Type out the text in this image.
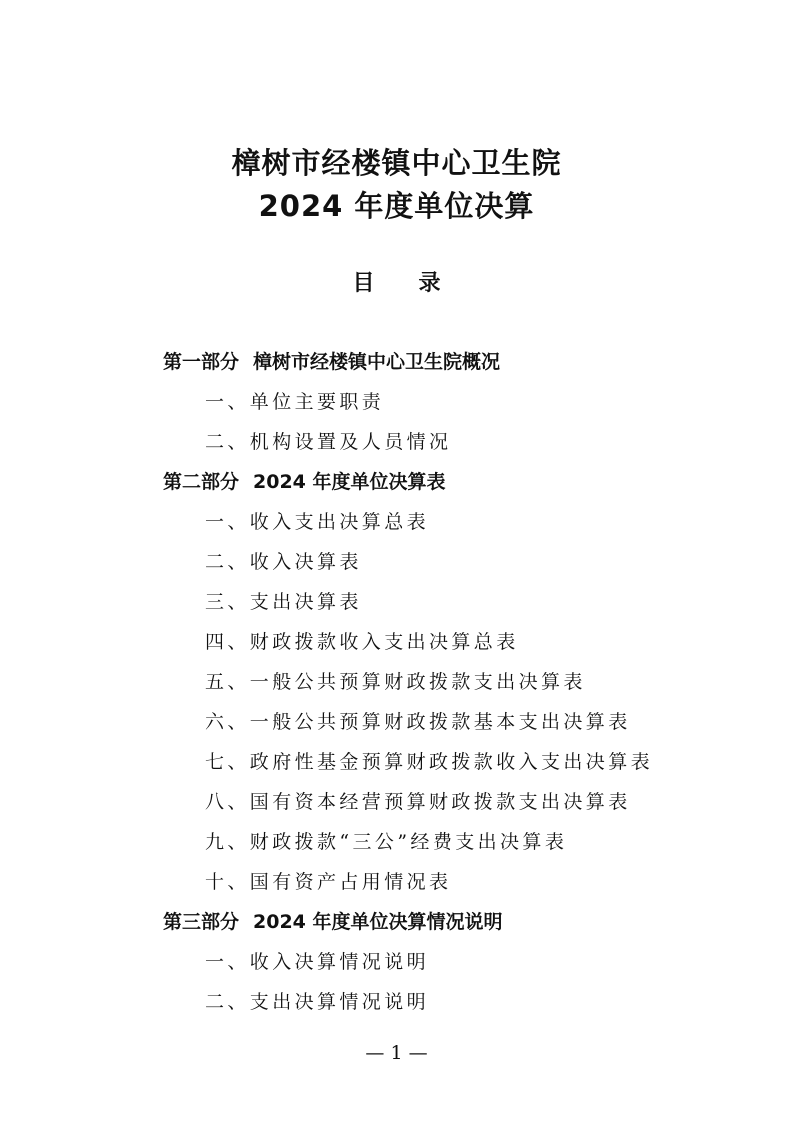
樟树市经楼镇中心卫生院
2024 年度单位决算
目录
第一部分 樟树市经楼镇中心卫生院概况
一、单位主要职责
二、机构设置及人员情况
第二部分 2024 年度单位决算表
一、收入支出决算总表
二、收入决算表
三、支出决算表
四、财政拨款收入支出决算总表
五、一般公共预算财政拨款支出决算表
六、一般公共预算财政拨款基本支出决算表
七、政府性基金预算财政拨款收入支出决算表
八、国有资本经营预算财政拨款支出决算表
九、财政拨款“三公”经费支出决算表
十、国有资产占用情况表
第三部分 2024 年度单位决算情况说明
一、收入决算情况说明
二、支出决算情况说明
— 1 —
